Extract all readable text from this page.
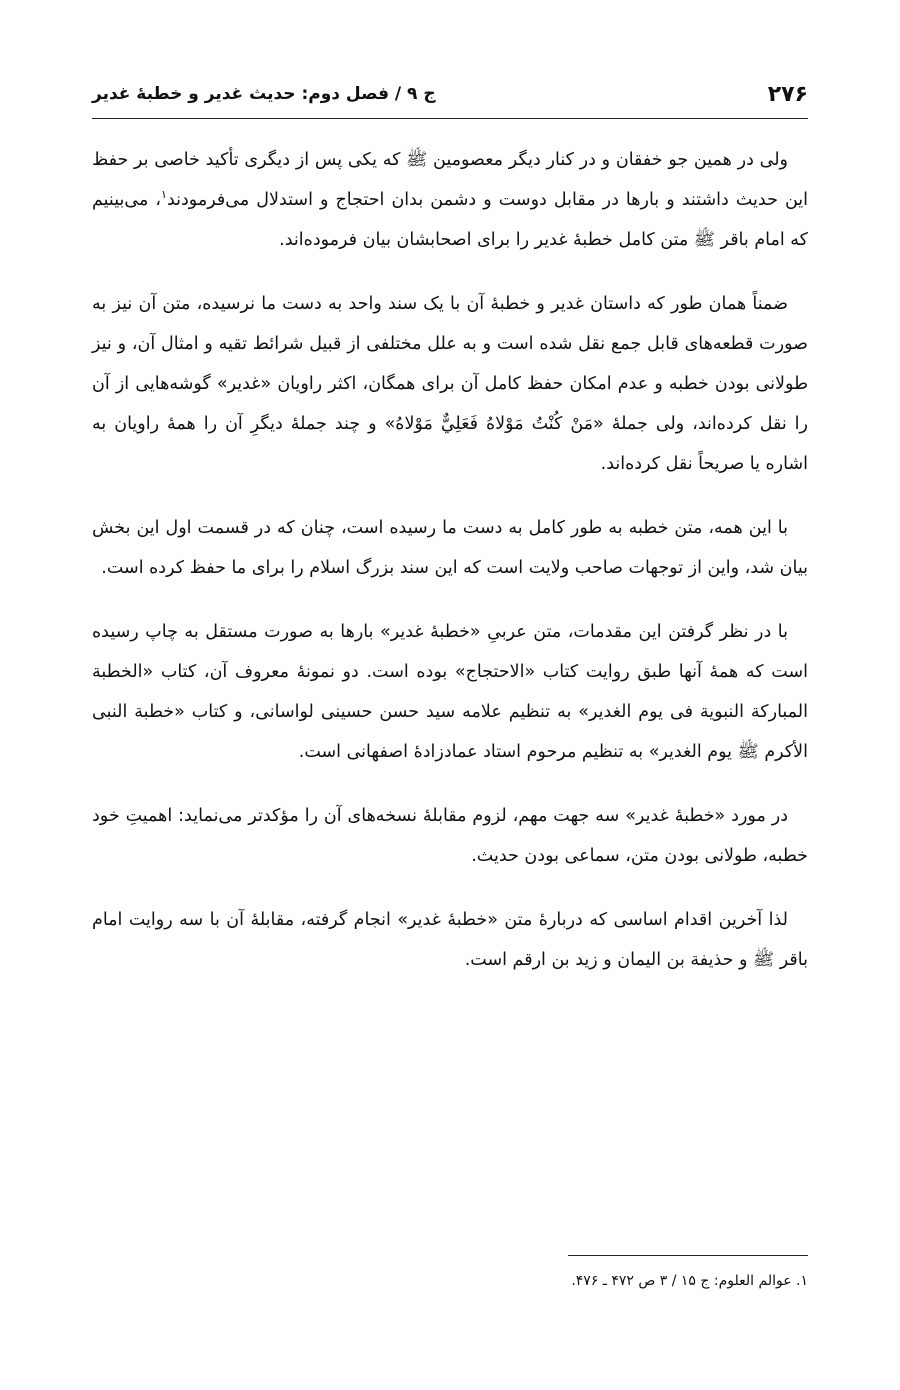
۲۷۶
ج ۹ / فصل دوم: حدیث غدیر و خطبهٔ غدیر

ولی در همین جو خفقان و در کنار دیگر معصومین ﷺ که یکی پس از دیگری تأکید خاصی بر حفظ این حدیث داشتند و بارها در مقابل دوست و دشمن بدان احتجاج و استدلال می‌فرمودند$^۱$، می‌بینیم که امام باقر ﷺ متن کامل خطبهٔ غدیر را برای اصحابشان بیان فرموده‌اند.

ضمناً همان طور که داستان غدیر و خطبهٔ آن با یک سند واحد به دست ما نرسیده، متن آن نیز به صورت قطعه‌های قابل جمع نقل شده است و به علل مختلفی از قبیل شرائط تقیه و امثال آن، و نیز طولانی بودن خطبه و عدم امکان حفظ کامل آن برای همگان، اکثر راویان «غدیر» گوشه‌هایی از آن را نقل کرده‌اند، ولی جملهٔ «مَنْ كُنْتُ مَوْلاهُ فَعَلِيٌّ مَوْلاهُ» و چند جملهٔ دیگرِ آن را همهٔ راویان به اشاره یا صریحاً نقل کرده‌اند.

با این همه، متن خطبه به طور کامل به دست ما رسیده است، چنان که در قسمت اول این بخش بیان شد، واین از توجهات صاحب ولایت است که این سند بزرگ اسلام را برای ما حفظ کرده است.

با در نظر گرفتن این مقدمات، متن عربیِ «خطبهٔ غدیر» بارها به صورت مستقل به چاپ رسیده است که همهٔ آنها طبق روایت کتاب «الاحتجاج» بوده است. دو نمونهٔ معروف آن، کتاب «الخطبة المباركة النبوية فی یوم الغدیر» به تنظیم علامه سید حسن حسینی لواسانی، و کتاب «خطبة النبی الأکرم ﷺ یوم الغدیر» به تنظیم مرحوم استاد عمادزادهٔ اصفهانی است.

در مورد «خطبهٔ غدیر» سه جهت مهم، لزوم مقابلهٔ نسخه‌های آن را مؤکدتر می‌نماید: اهمیتِ خود خطبه، طولانی بودن متن، سماعی بودن حدیث.

لذا آخرین اقدام اساسی که دربارهٔ متن «خطبهٔ غدیر» انجام گرفته، مقابلهٔ آن با سه روایت امام باقر ﷺ و حذیفة بن الیمان و زید بن ارقم است.

۱. عوالم العلوم: ج ۱۵ / ۳ ص ۴۷۲ ـ ۴۷۶.
